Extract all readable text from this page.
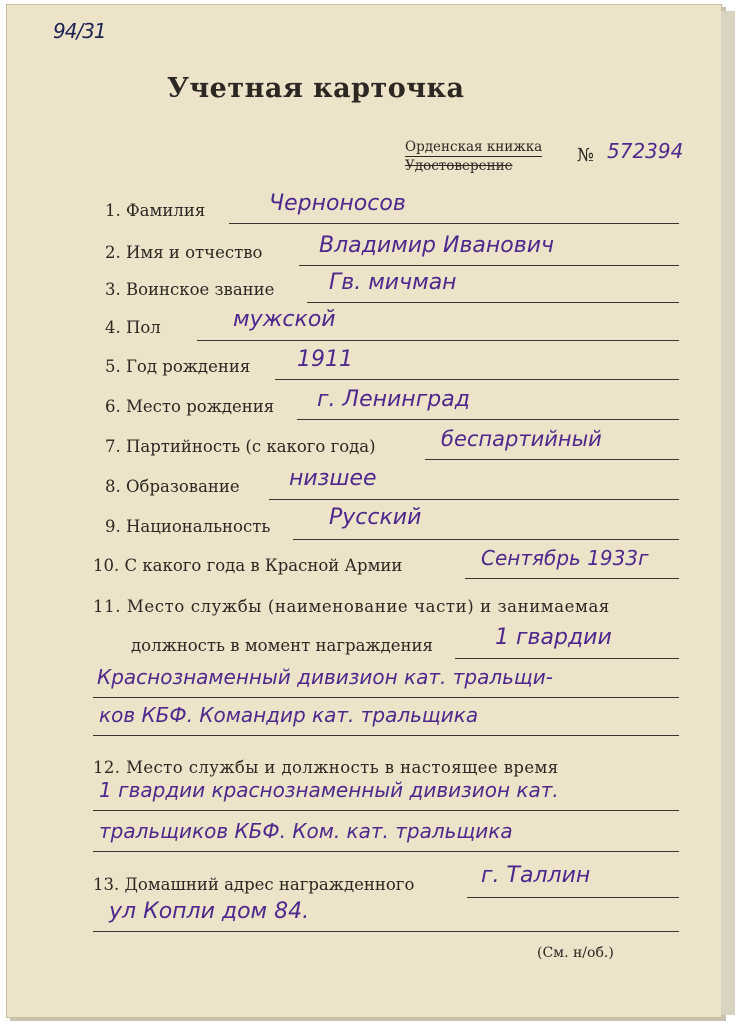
94/31
Учетная карточка
Орденская книжка
Удостоверение	№ 572394
1. Фамилия	Черноносов
2. Имя и отчество	Владимир Иванович
3. Воинское звание Гв. мичман
4. Пол	мужской
5. Год рождения 1911
6. Место рождения г. Ленинград
7. Партийность (с какого года)	беспартийный
8. Образование низшее
9. Национальность	Русский
10. С какого года в Красной Армии	Сентябрь 1933г
11. Место службы (наименование части) и занимаемая
должность в момент награждения	1 гвардии
Краснознаменный дивизион кат. тральщи-
ков КБФ. Командир кат. тральщика
12. Место службы и должность в настоящее время
1 гвардии краснознаменный дивизион кат.
тральщиков КБФ. Ком. кат. тральщика
13. Домашний адрес награжденного	г. Таллин
ул Копли дом 84.
(См. н/об.)
